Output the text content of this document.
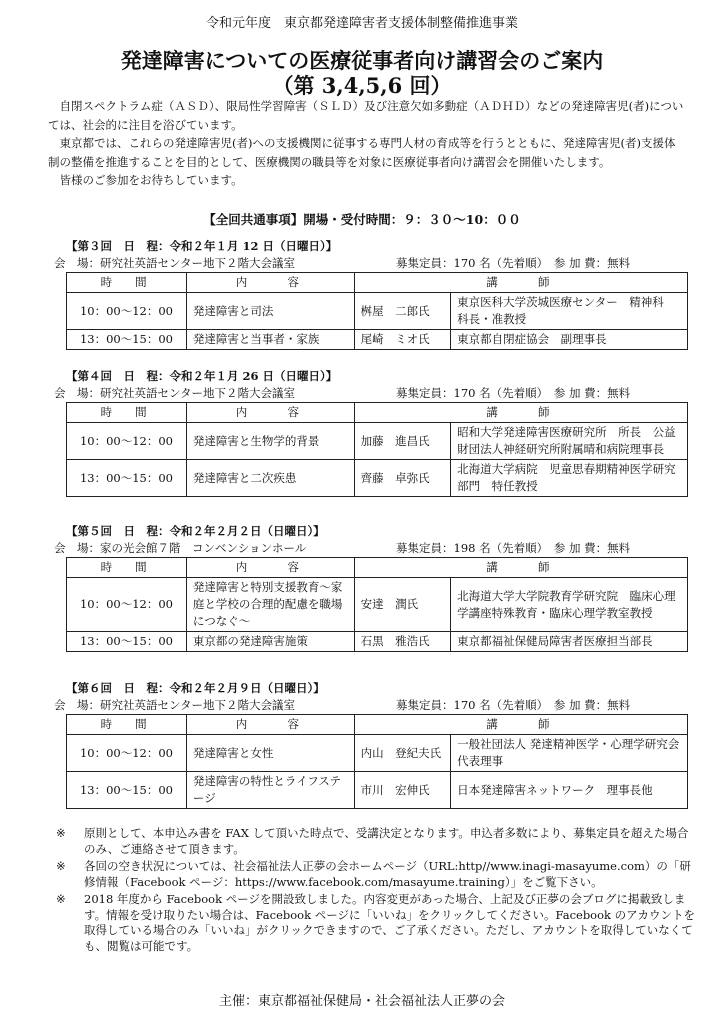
令和元年度　東京都発達障害者支援体制整備推進事業
発達障害についての医療従事者向け講習会のご案内
（第 3,4,5,6 回）

自閉スペクトラム症（ＡＳＤ）、限局性学習障害（ＳＬＤ）及び注意欠如多動症（ＡＤＨＤ）などの発達障害児(者)については、社会的に注目を浴びています。

東京都では、これらの発達障害児(者)への支援機関に従事する専門人材の育成等を行うとともに、発達障害児(者)支援体制の整備を推進することを目的として、医療機関の職員等を対象に医療従事者向け講習会を開催いたします。

皆様のご参加をお待ちしています。

【全回共通事項】開場・受付時間：９：３０〜10：００
【第３回　日　程：令和２年１月 12 日（日曜日）】
会　場：研究社英語センター地下２階大会議室	募集定員：170 名（先着順）　参 加 費：無料
時　間	内　　容	講　　師	
10：00〜12：00	発達障害と司法	桝屋　二郎氏	東京医科大学茨城医療センター　精神科　科長・准教授
13：00〜15：00	発達障害と当事者・家族	尾崎　ミオ氏	東京都自閉症協会　副理事長
【第４回　日　程：令和２年１月 26 日（日曜日）】
会　場：研究社英語センター地下２階大会議室	募集定員：170 名（先着順）　参 加 費：無料
時　間	内　　容	講　　師	
10：00〜12：00	発達障害と生物学的背景	加藤　進昌氏	昭和大学発達障害医療研究所　所長　公益財団法人神経研究所附属晴和病院理事長
13：00〜15：00	発達障害と二次疾患	齊藤　卓弥氏	北海道大学病院　児童思春期精神医学研究部門　特任教授
【第５回　日　程：令和２年２月２日（日曜日）】
会　場：家の光会館７階　コンベンションホール	募集定員：198 名（先着順）　参 加 費：無料
時　間	内　　容	講　　師	
10：00〜12：00	発達障害と特別支援教育〜家庭と学校の合理的配慮を職場につなぐ〜	安達　潤氏	北海道大学大学院教育学研究院　臨床心理学講座特殊教育・臨床心理学教室教授
13：00〜15：00	東京都の発達障害施策	石黒　雅浩氏	東京都福祉保健局障害者医療担当部長
【第６回　日　程：令和２年２月９日（日曜日）】
会　場：研究社英語センター地下２階大会議室	募集定員：170 名（先着順）　参 加 費：無料
時　間	内　　容	講　　師	
10：00〜12：00	発達障害と女性	内山　登紀夫氏	一般社団法人 発達精神医学・心理学研究会　代表理事
13：00〜15：00	発達障害の特性とライフステージ	市川　宏伸氏	日本発達障害ネットワーク　理事長他
※ 原則として、本申込み書を FAX して頂いた時点で、受講決定となります。申込者多数により、募集定員を超えた場合のみ、ご連絡させて頂きます。
※ 各回の空き状況については、社会福祉法人正夢の会ホームページ（URL:http//www.inagi-masayume.com）の「研修情報（Facebook ページ：https://www.facebook.com/masayume.training）」をご覧下さい。
※ 2018 年度から Facebook ページを開設致しました。内容変更があった場合、上記及び正夢の会ブログに掲載致します。情報を受け取りたい場合は、Facebook ページに「いいね」をクリックしてください。Facebook のアカウントを取得している場合のみ「いいね」がクリックできますので、ご了承ください。ただし、アカウントを取得していなくても、閲覧は可能です。
主催：東京都福祉保健局・社会福祉法人正夢の会
